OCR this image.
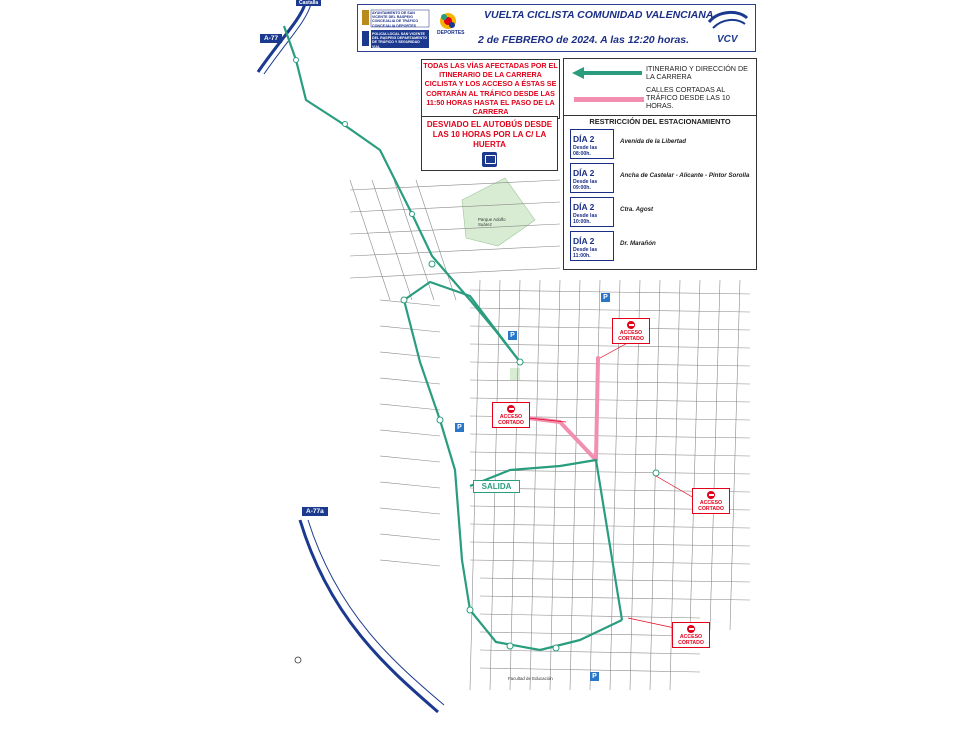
AYUNTAMIENTO DE SAN VICENTE DEL RASPEIG CONCEJALIA DE TRÁFICO CONCEJALIA DEPORTES
POLICIA LOCAL SAN VICENTE DEL RASPEIG DEPARTAMENTO DE TRÁFICO Y SEGURIDAD VIAL
DEPORTES
VUELTA CICLISTA COMUNIDAD VALENCIANA
2 de FEBRERO de 2024. A las 12:20 horas.	VCV
TODAS LAS VÍAS AFECTADAS POR EL ITINERARIO DE LA CARRERA CICLISTA Y LOS ACCESO A ÉSTAS SE CORTARÁN AL TRÁFICO DESDE LAS 11:50 HORAS HASTA EL PASO DE LA CARRERA
DESVIADO EL AUTOBÚS DESDE LAS 10 HORAS POR LA C/ LA HUERTA
ITINERARIO Y DIRECCIÓN DE LA CARRERA
CALLES CORTADAS AL TRÁFICO DESDE LAS 10 HORAS.
RESTRICCIÓN DEL ESTACIONAMIENTO
DÍA 2
Desde las 08:00h.
Avenida de la Libertad
DÍA 2
Desde las 09:00h.
Ancha de Castelar - Alicante - Pintor Sorolla
DÍA 2
Desde las 10:00h.
Ctra. Agost
DÍA 2
Desde las 11:00h.
Dr. Marañón
ACCESO CORTADO
ACCESO CORTADO
ACCESO CORTADO
ACCESO CORTADO
SALIDA
Parque Adolfo Suárez
Facultad de Educación
A-77
A-77a
Castalla
P
P
P
P
